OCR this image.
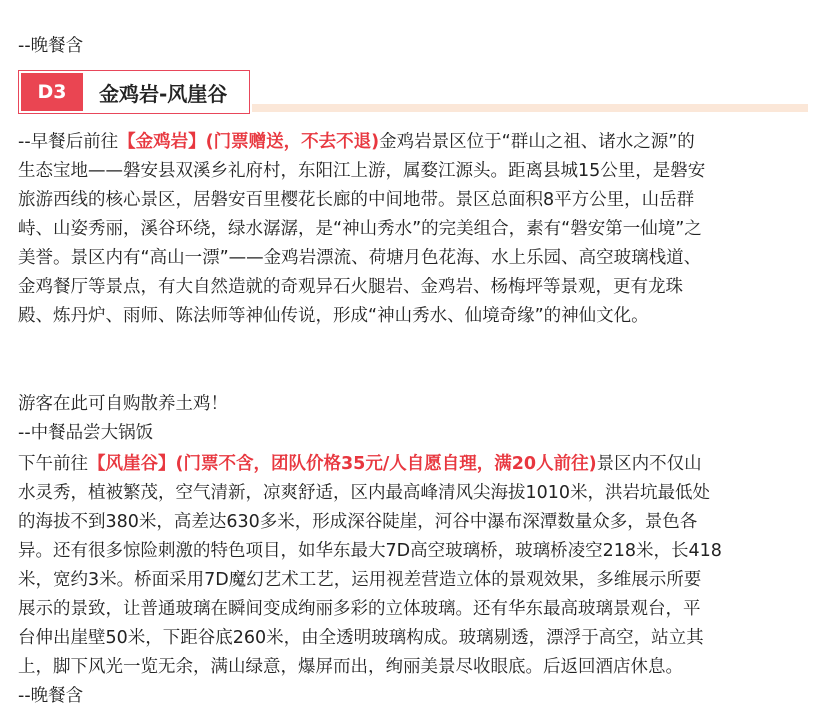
--晚餐含
D3	金鸡岩-风崖谷
--早餐后前往【金鸡岩】(门票赠送，不去不退)金鸡岩景区位于“群山之祖、诸水之源”的
生态宝地——磐安县双溪乡礼府村，东阳江上游，属婺江源头。距离县城15公里，是磐安
旅游西线的核心景区，居磐安百里樱花长廊的中间地带。景区总面积8平方公里，山岳群
峙、山姿秀丽，溪谷环绕，绿水潺潺，是“神山秀水”的完美组合，素有“磐安第一仙境”之
美誉。景区内有“高山一漂”——金鸡岩漂流、荷塘月色花海、水上乐园、高空玻璃栈道、
金鸡餐厅等景点，有大自然造就的奇观异石火腿岩、金鸡岩、杨梅坪等景观，更有龙珠
殿、炼丹炉、雨师、陈法师等神仙传说，形成“神山秀水、仙境奇缘”的神仙文化。
游客在此可自购散养土鸡！
--中餐品尝大锅饭
下午前往【风崖谷】(门票不含，团队价格35元/人自愿自理，满20人前往)景区内不仅山
水灵秀，植被繁茂，空气清新，凉爽舒适，区内最高峰清风尖海拔1010米，洪岩坑最低处
的海拔不到380米，高差达630多米，形成深谷陡崖，河谷中瀑布深潭数量众多，景色各
异。还有很多惊险刺激的特色项目，如华东最大7D高空玻璃桥，玻璃桥凌空218米，长418
米，宽约3米。桥面采用7D魔幻艺术工艺，运用视差营造立体的景观效果，多维展示所要
展示的景致，让普通玻璃在瞬间变成绚丽多彩的立体玻璃。还有华东最高玻璃景观台，平
台伸出崖壁50米，下距谷底260米，由全透明玻璃构成。玻璃剔透，漂浮于高空，站立其
上，脚下风光一览无余，满山绿意，爆屏而出，绚丽美景尽收眼底。后返回酒店休息。
--晚餐含
